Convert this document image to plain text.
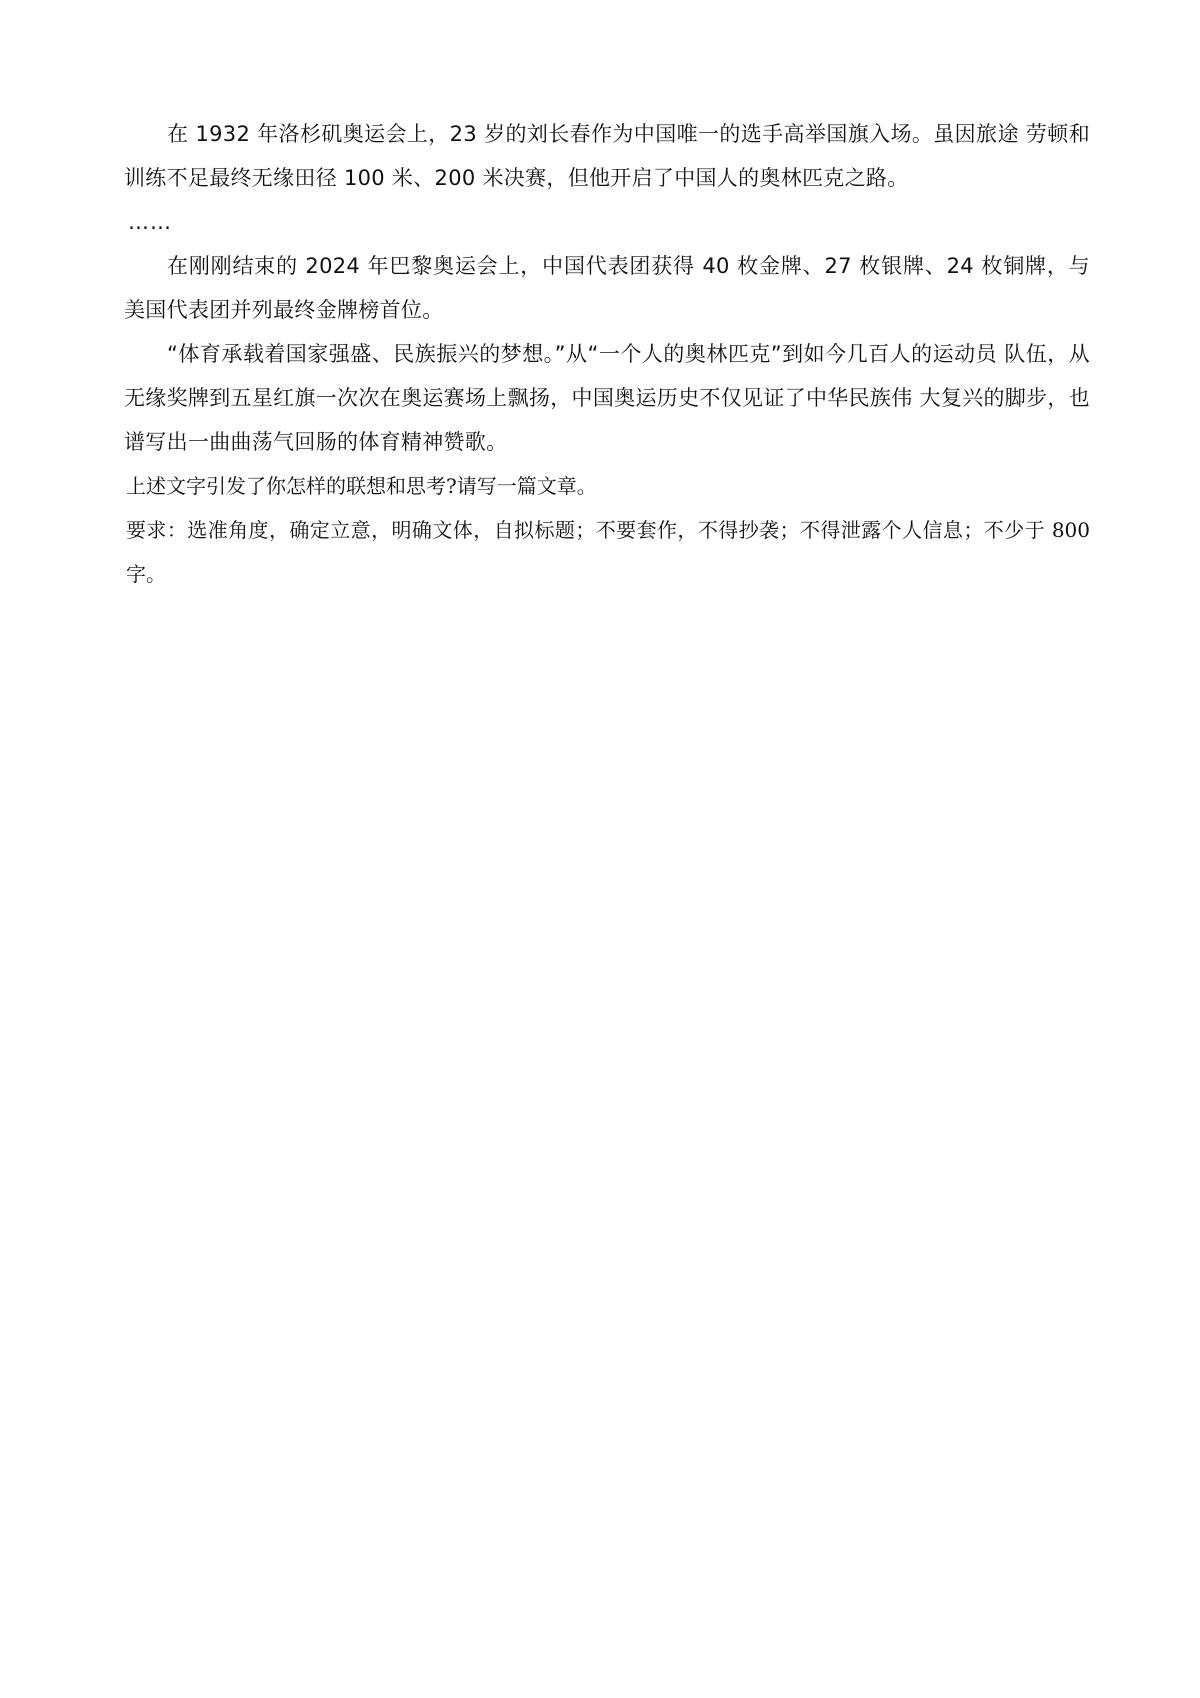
在 1932 年洛杉矶奥运会上，23 岁的刘长春作为中国唯一的选手高举国旗入场。虽因旅途 劳顿和训练不足最终无缘田径 100 米、200 米决赛，但他开启了中国人的奥林匹克之路。

……

在刚刚结束的 2024 年巴黎奥运会上，中国代表团获得 40 枚金牌、27 枚银牌、24 枚铜牌，与 美国代表团并列最终金牌榜首位。

“体育承载着国家强盛、民族振兴的梦想。”从“一个人的奥林匹克”到如今几百人的运动员 队伍，从无缘奖牌到五星红旗一次次在奥运赛场上飘扬，中国奥运历史不仅见证了中华民族伟 大复兴的脚步，也谱写出一曲曲荡气回肠的体育精神赞歌。

上述文字引发了你怎样的联想和思考?请写一篇文章。

要求：选准角度，确定立意，明确文体，自拟标题；不要套作，不得抄袭；不得泄露个人信息；不少于 800 字。
